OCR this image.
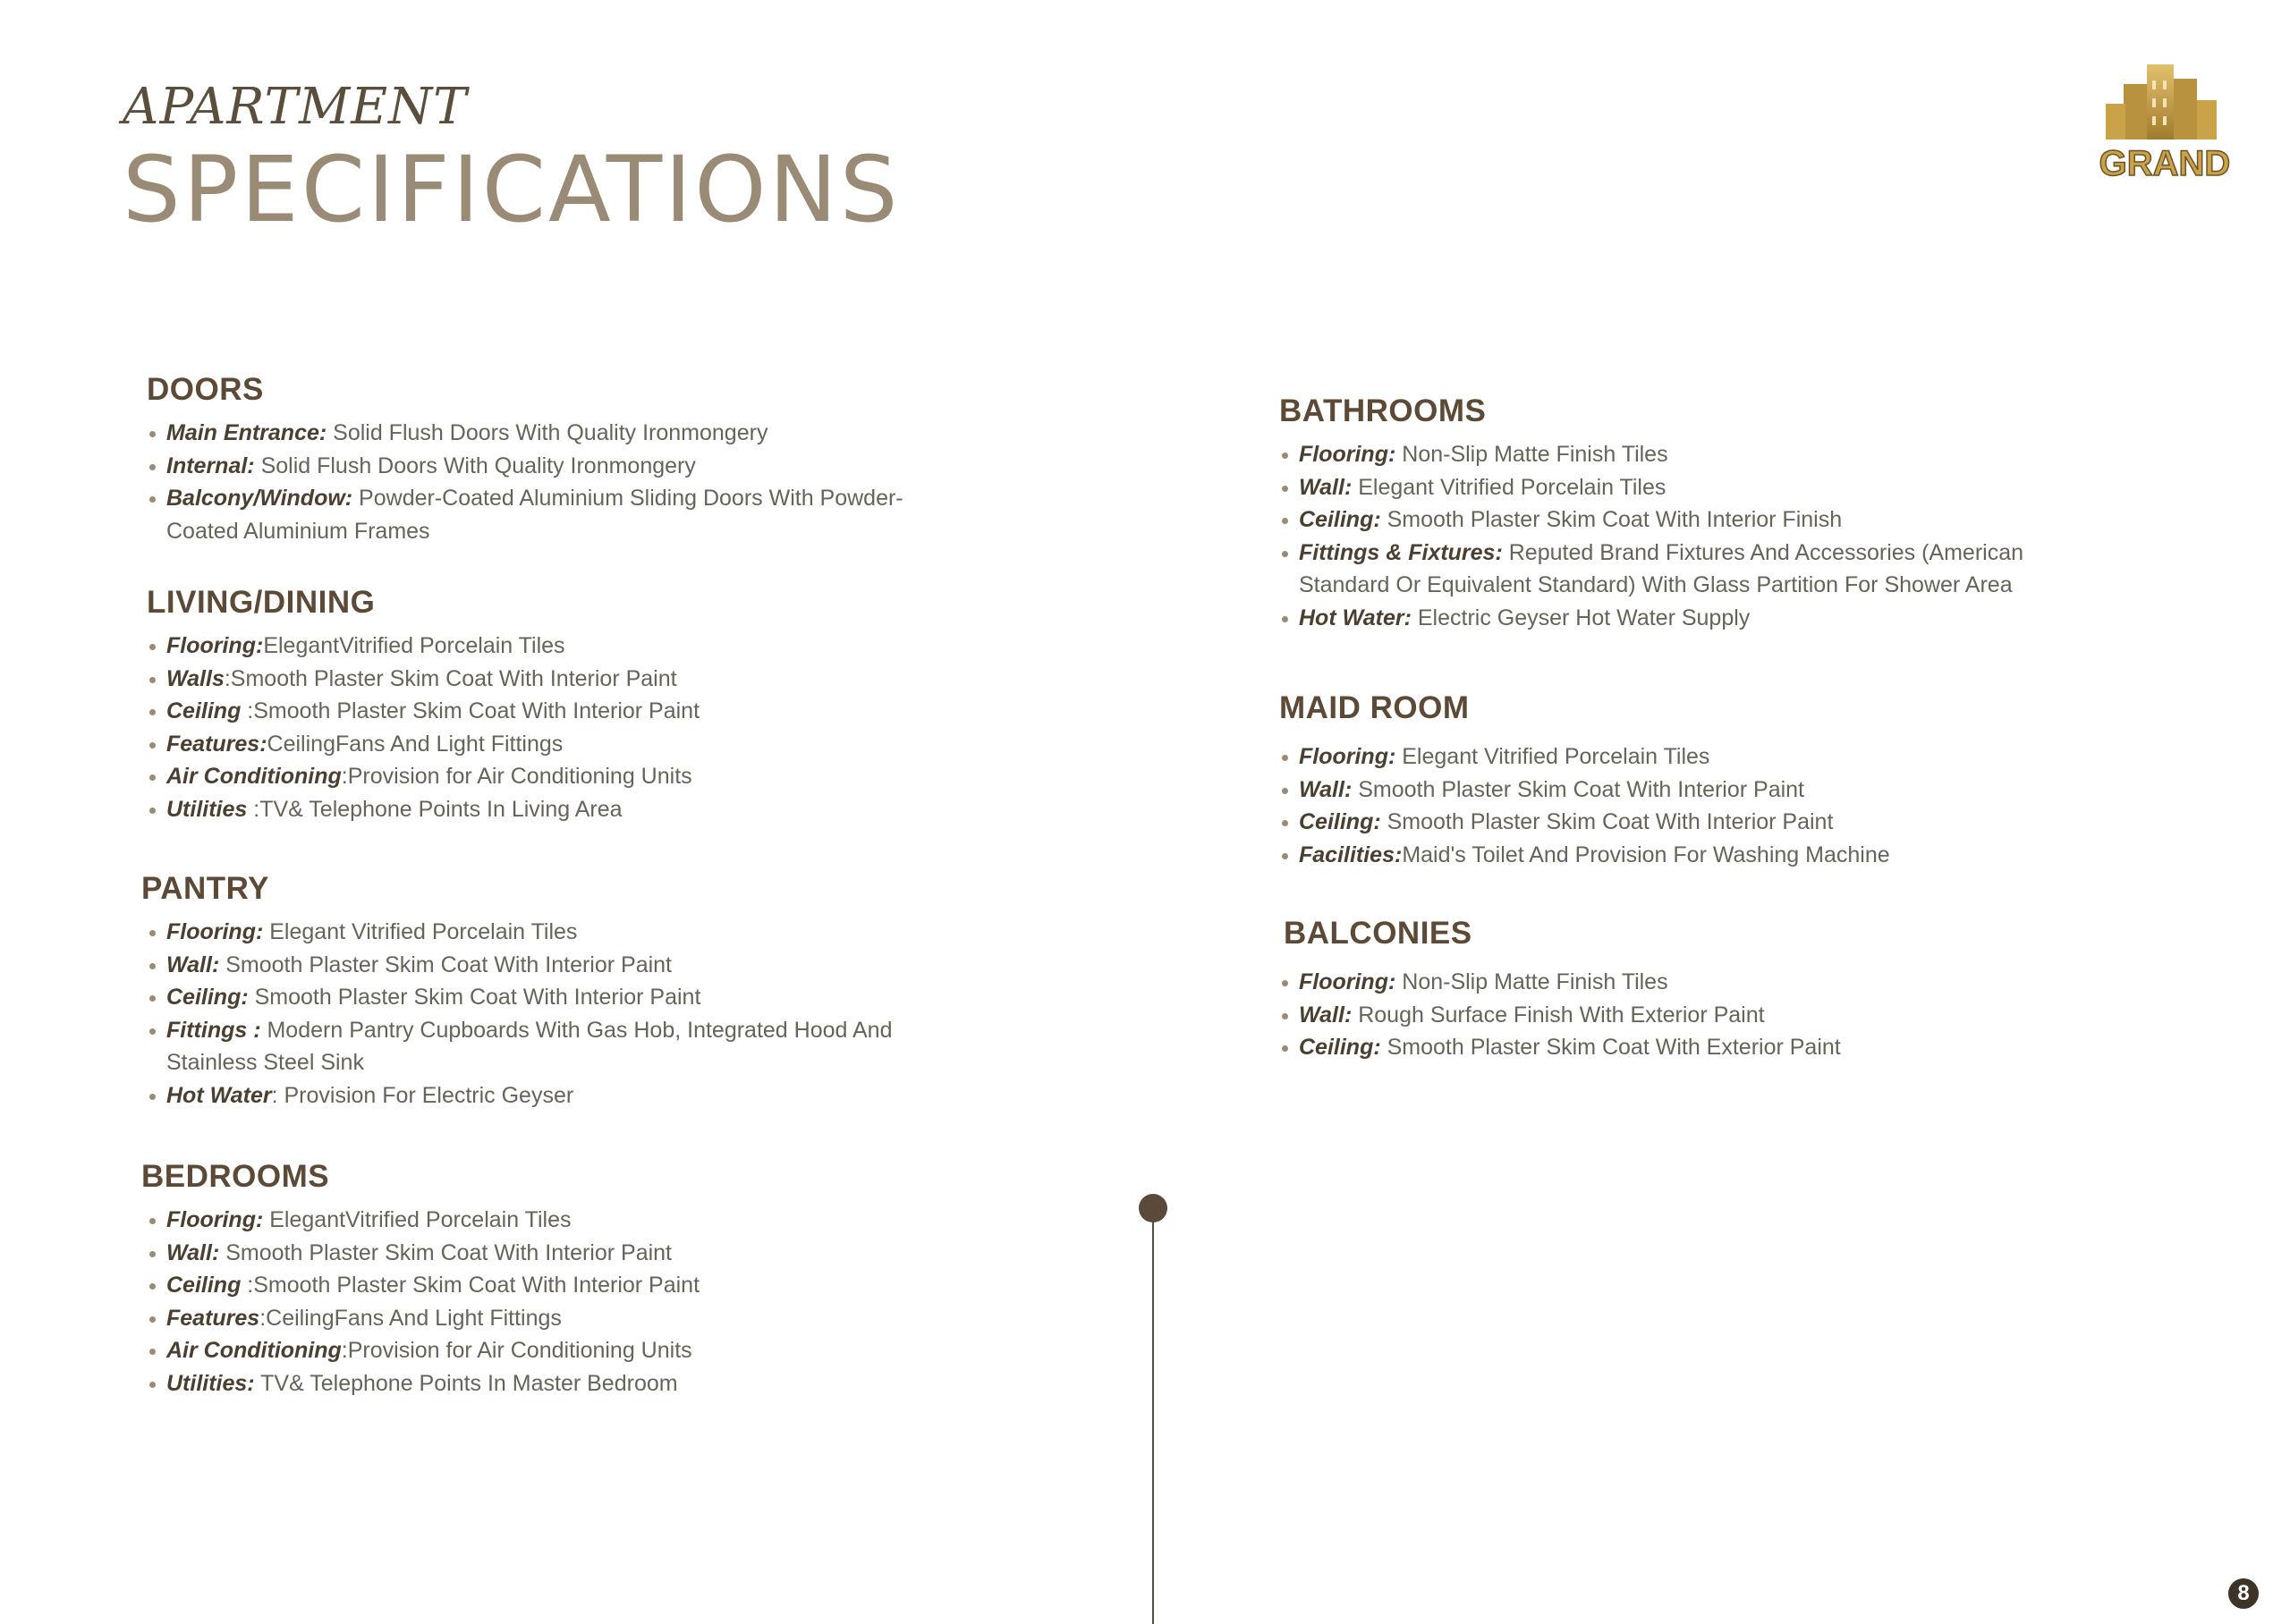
APARTMENT
SPECIFICATIONS	GRAND
DOORS
Main Entrance: Solid Flush Doors With Quality Ironmongery
Internal: Solid Flush Doors With Quality Ironmongery
Balcony/Window: Powder-Coated Aluminium Sliding Doors With Powder-
Coated Aluminium Frames
LIVING/DINING
Flooring:ElegantVitrified Porcelain Tiles
Walls:Smooth Plaster Skim Coat With Interior Paint
Ceiling :Smooth Plaster Skim Coat With Interior Paint
Features:CeilingFans And Light Fittings
Air Conditioning:Provision for Air Conditioning Units
Utilities :TV& Telephone Points In Living Area
PANTRY
Flooring: Elegant Vitrified Porcelain Tiles
Wall: Smooth Plaster Skim Coat With Interior Paint
Ceiling: Smooth Plaster Skim Coat With Interior Paint
Fittings : Modern Pantry Cupboards With Gas Hob, Integrated Hood And
Stainless Steel Sink
Hot Water: Provision For Electric Geyser
BEDROOMS
Flooring: ElegantVitrified Porcelain Tiles
Wall: Smooth Plaster Skim Coat With Interior Paint
Ceiling :Smooth Plaster Skim Coat With Interior Paint
Features:CeilingFans And Light Fittings
Air Conditioning:Provision for Air Conditioning Units
Utilities: TV& Telephone Points In Master Bedroom
BATHROOMS
Flooring: Non-Slip Matte Finish Tiles
Wall: Elegant Vitrified Porcelain Tiles
Ceiling: Smooth Plaster Skim Coat With Interior Finish
Fittings & Fixtures: Reputed Brand Fixtures And Accessories (American
Standard Or Equivalent Standard) With Glass Partition For Shower Area
Hot Water: Electric Geyser Hot Water Supply
MAID ROOM
Flooring: Elegant Vitrified Porcelain Tiles
Wall: Smooth Plaster Skim Coat With Interior Paint
Ceiling: Smooth Plaster Skim Coat With Interior Paint
Facilities:Maid's Toilet And Provision For Washing Machine
BALCONIES
Flooring: Non-Slip Matte Finish Tiles
Wall: Rough Surface Finish With Exterior Paint
Ceiling: Smooth Plaster Skim Coat With Exterior Paint
8
